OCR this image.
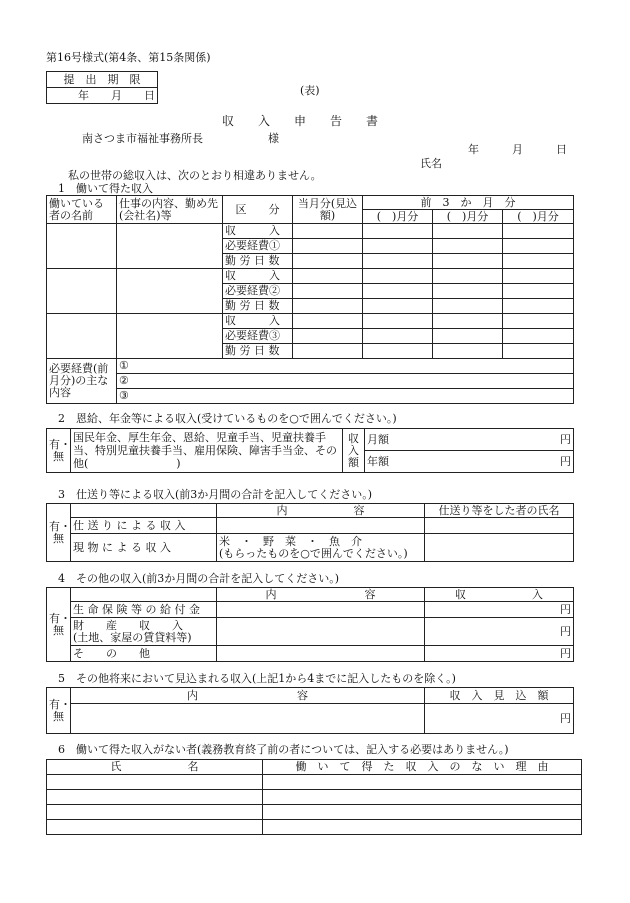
第16号様式(第4条、第15条関係)
提　出　期　限
年　　月　　日	(表)
収　　入　　申　　告　　書
南さつま市福祉事務所長	様
年　　　月　　　日
氏名
私の世帯の総収入は、次のとおり相違ありません。
1　働いて得た収入
働いている者の名前	仕事の内容、勤め先(会社名)等	区　　分	当月分(見込額)	前　3　か　月　分		
				(　)月分	(　)月分	(　)月分
		収　　　入				
		必要経費①				
		勤 労 日 数				
		収　　　入				
		必要経費②				
		勤 労 日 数				
		収　　　入				
		必要経費③				
		勤 労 日 数				
必要経費(前月分)の主な内容	①					
	②					
	③					
2　恩給、年金等による収入(受けているものを○で囲んでください。)
有・無	国民年金、厚生年金、恩給、児童手当、児童扶養手当、特別児童扶養手当、雇用保険、障害手当金、その他(　　　　　　　　)	収入額	月額	円

年額	円
3　仕送り等による収入(前3か月間の合計を記入してください。)
有・無		内　　　　　　容	仕送り等をした者の氏名
	仕 送 り に よ る 収 入		
	現 物 に よ る 収 入	米　・　野　菜　・　魚　介
(もらったものを○で囲んでください。)	

4　その他の収入(前3か月間の合計を記入してください。)
有・無		内　　　　　　　　容	収　　　　　　入
	生 命 保 険 等 の 給 付 金		円

	財　　産　　収　　入
(土地、家屋の賃貸料等)		円
	そ　　の　　他		円
5　その他将来において見込まれる収入(上記1から4までに記入したものを除く。)
有・無	内　　　　　　　　　容	収　入　見　込　額
		円
6　働いて得た収入がない者(義務教育終了前の者については、記入する必要はありません。)
氏　　　　　　名	働　い　て　得　た　収　入　の　な　い　理　由
